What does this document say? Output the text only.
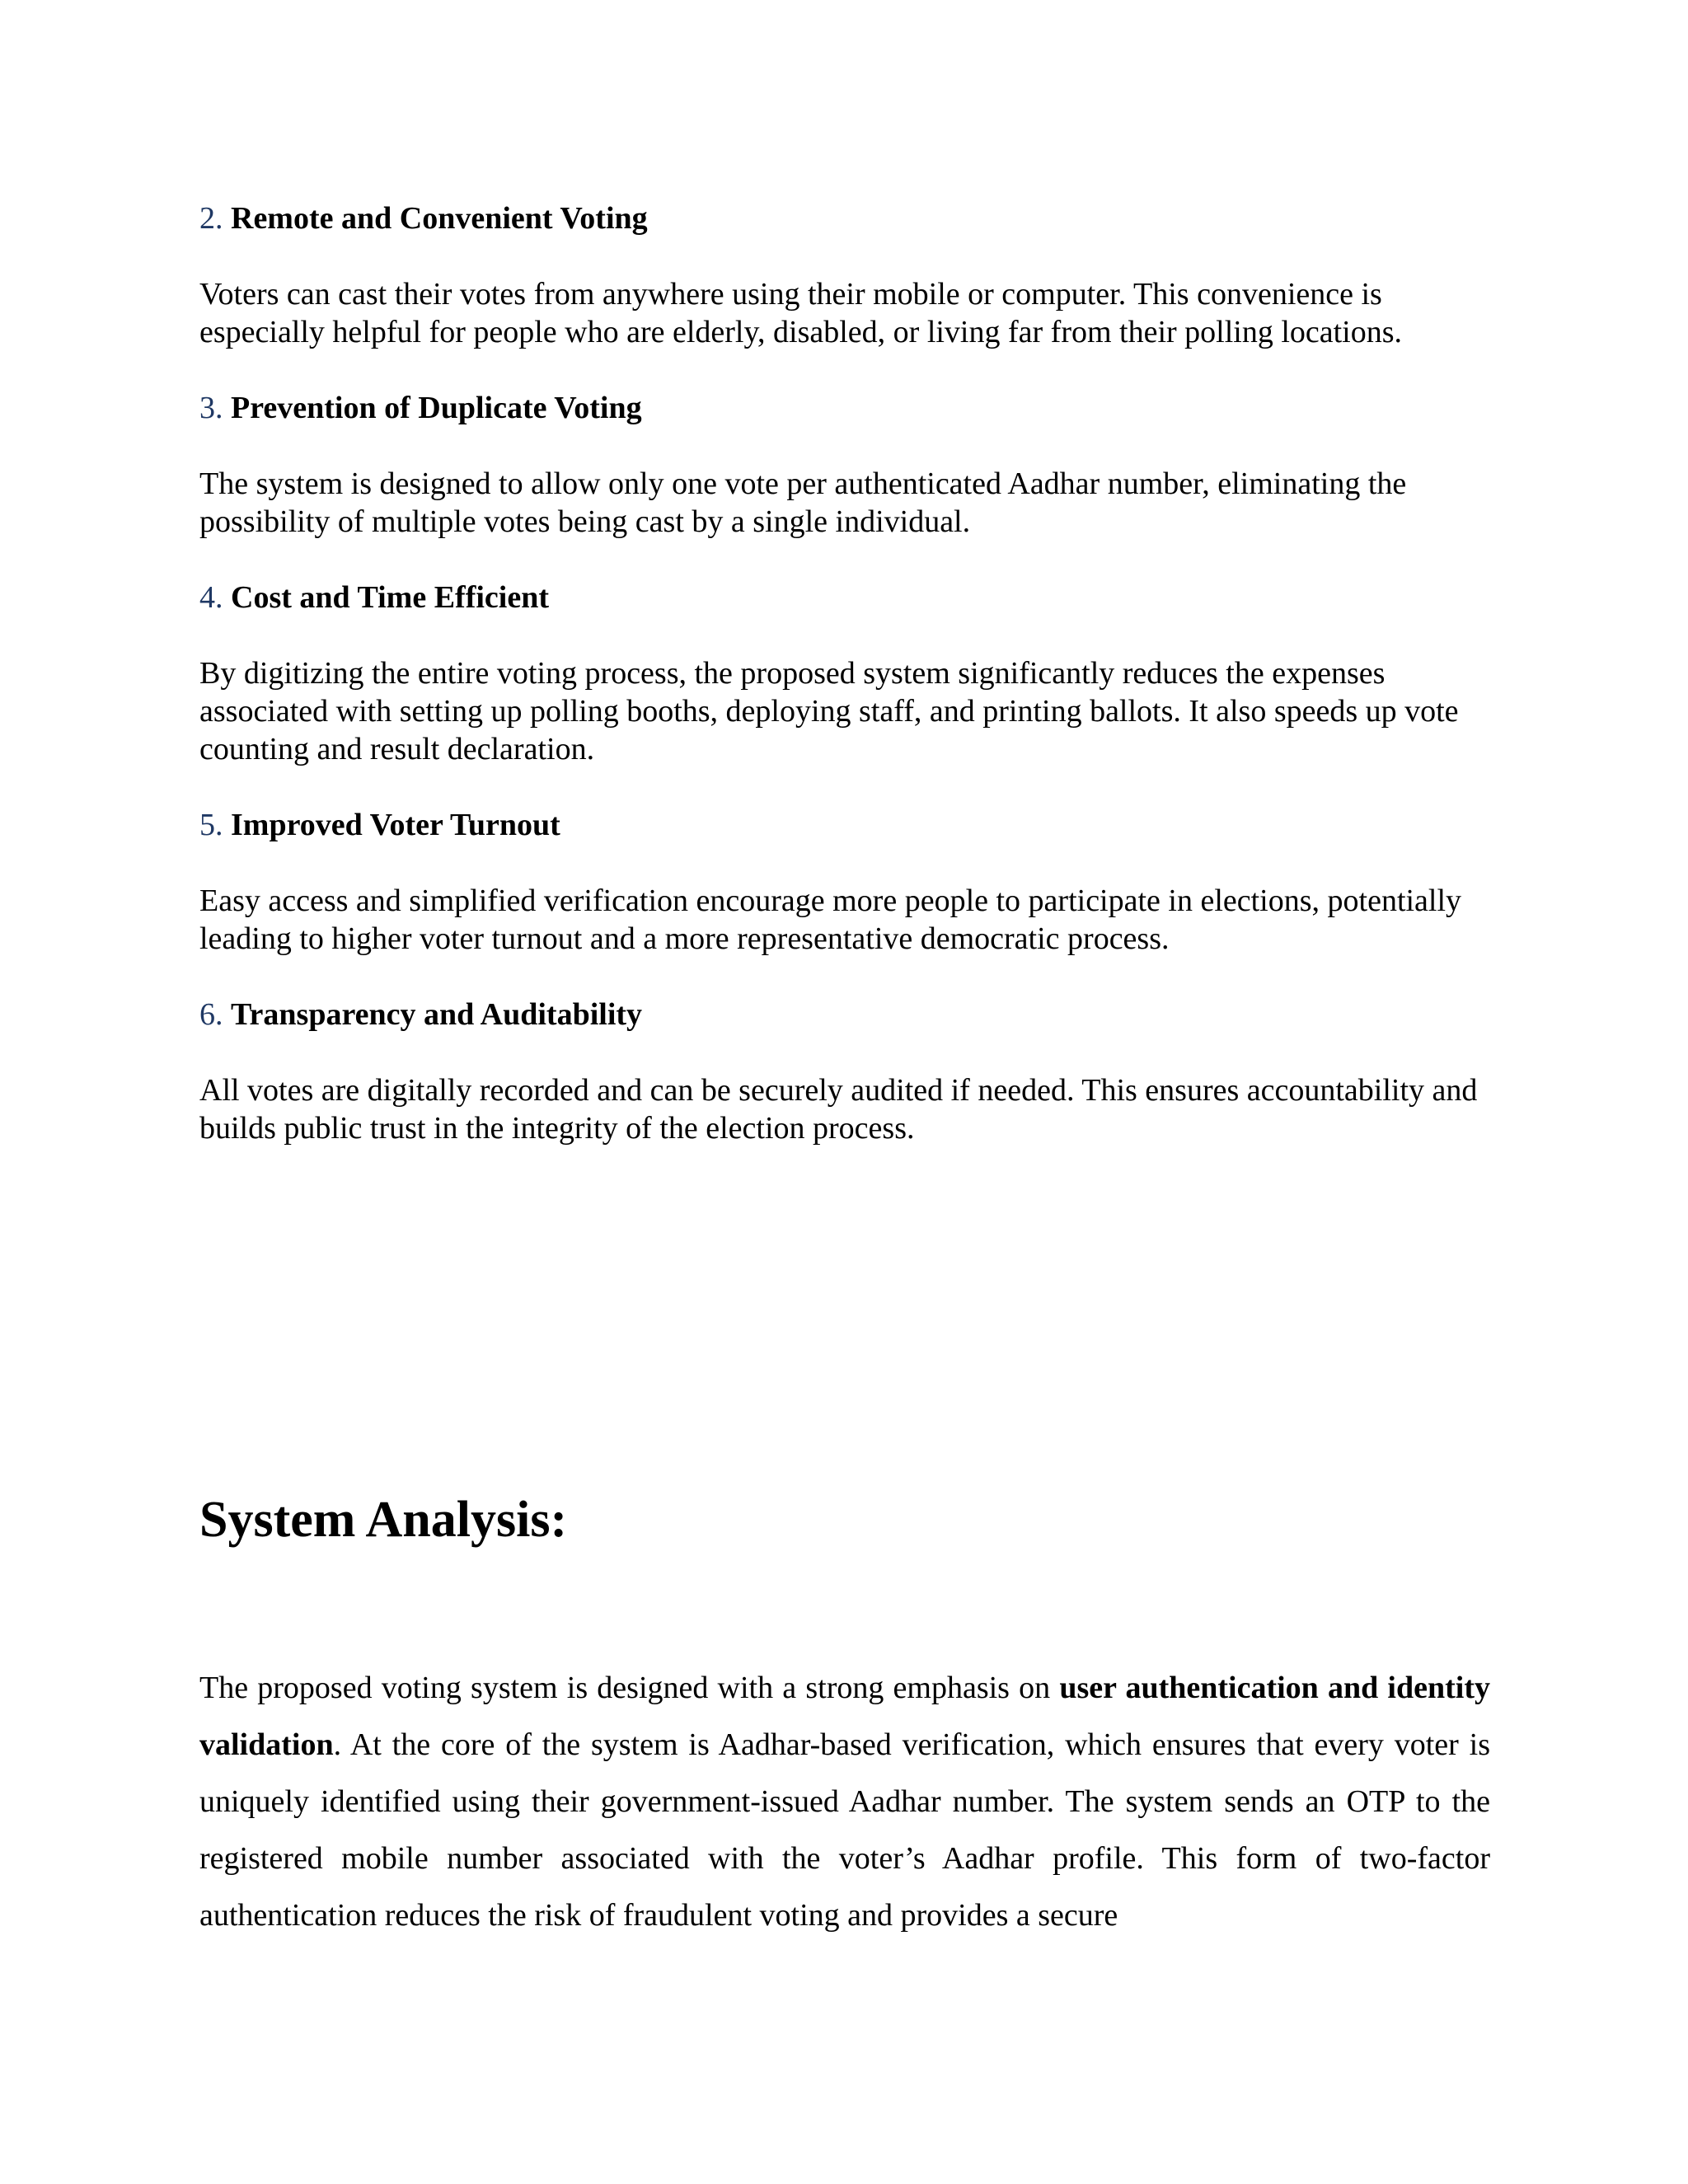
2. Remote and Convenient Voting
Voters can cast their votes from anywhere using their mobile or computer. This convenience is especially helpful for people who are elderly, disabled, or living far from their polling locations.
3. Prevention of Duplicate Voting
The system is designed to allow only one vote per authenticated Aadhar number, eliminating the possibility of multiple votes being cast by a single individual.
4. Cost and Time Efficient
By digitizing the entire voting process, the proposed system significantly reduces the expenses associated with setting up polling booths, deploying staff, and printing ballots. It also speeds up vote counting and result declaration.
5. Improved Voter Turnout
Easy access and simplified verification encourage more people to participate in elections, potentially leading to higher voter turnout and a more representative democratic process.
6. Transparency and Auditability
All votes are digitally recorded and can be securely audited if needed. This ensures accountability and builds public trust in the integrity of the election process.
System Analysis:
The proposed voting system is designed with a strong emphasis on user authentication and identity validation. At the core of the system is Aadhar-based verification, which ensures that every voter is uniquely identified using their government-issued Aadhar number. The system sends an OTP to the registered mobile number associated with the voter’s Aadhar profile. This form of two-factor authentication reduces the risk of fraudulent voting and provides a secure
